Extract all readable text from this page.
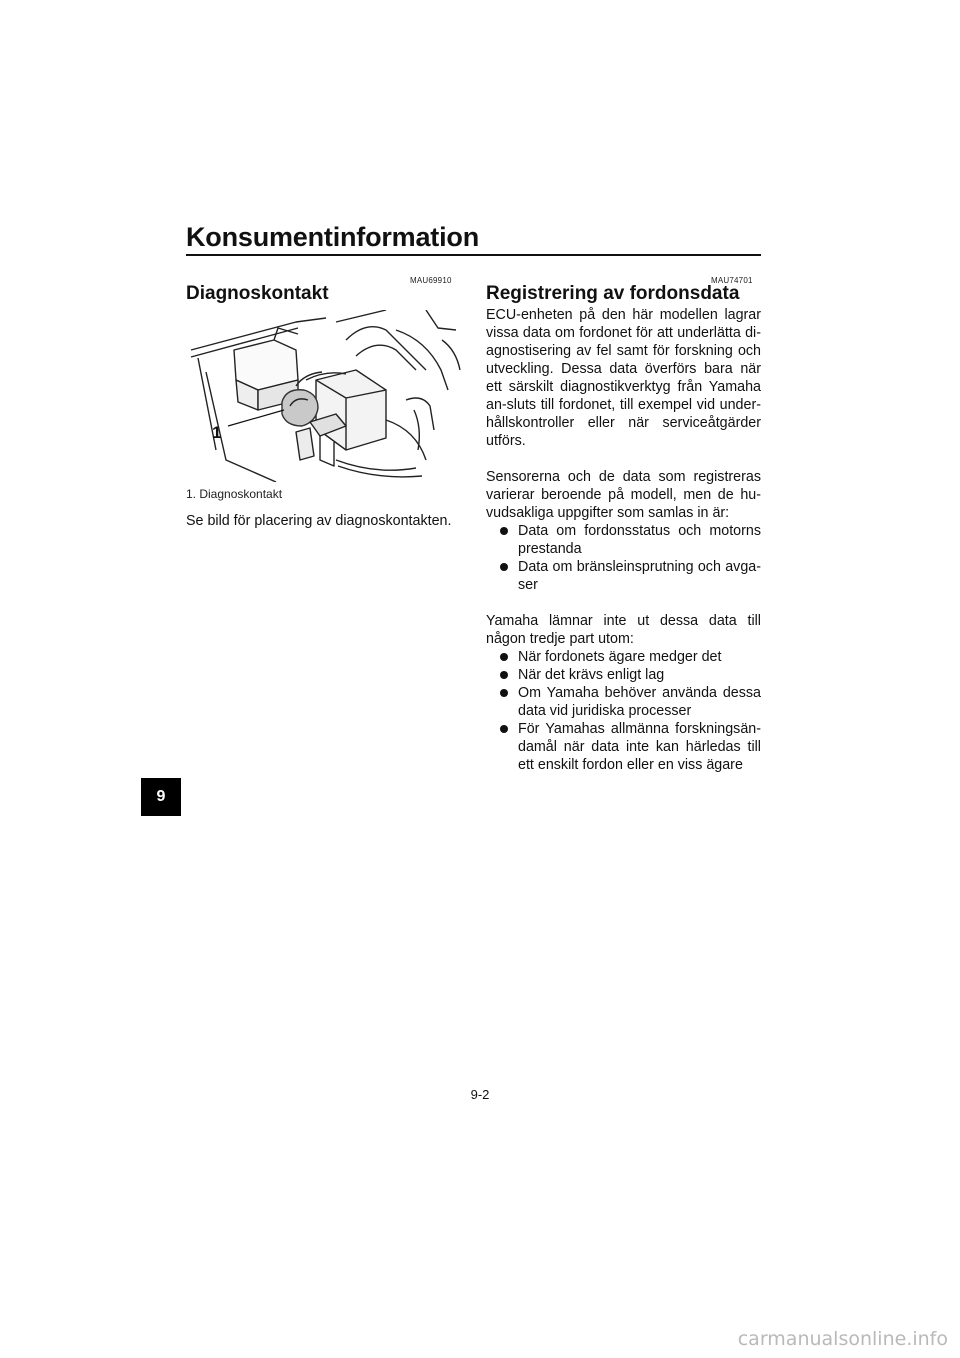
Konsumentinformation
9
MAU69910
Diagnoskontakt
1
1. Diagnoskontakt
Se bild för placering av diagnoskontakten.
MAU74701
Registrering av fordonsdata

ECU-enheten på den här modellen lagrar vissa data om fordonet för att underlätta di-agnostisering av fel samt för forskning och utveckling. Dessa data överförs bara när ett särskilt diagnostikverktyg från Yamaha an-sluts till fordonet, till exempel vid under-hållskontroller eller när serviceåtgärder utförs.

Sensorerna och de data som registreras varierar beroende på modell, men de hu-vudsakliga uppgifter som samlas in är:

Data om fordonsstatus och motorns prestanda
Data om bränsleinsprutning och avga-ser

Yamaha lämnar inte ut dessa data till någon tredje part utom:

När fordonets ägare medger det
När det krävs enligt lag
Om Yamaha behöver använda dessa data vid juridiska processer
För Yamahas allmänna forskningsän-damål när data inte kan härledas till ett enskilt fordon eller en viss ägare
9-2
carmanualsonline.info
